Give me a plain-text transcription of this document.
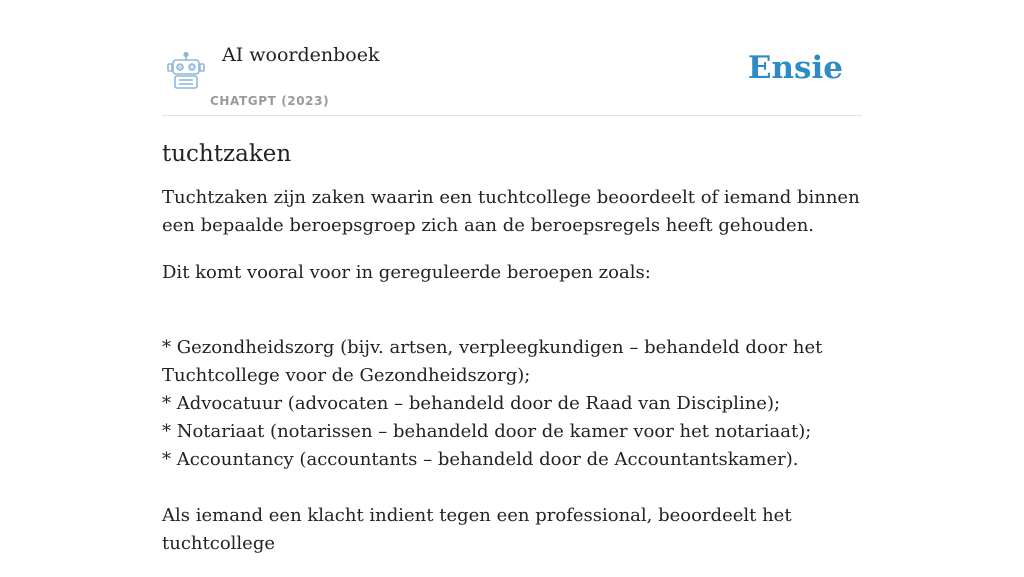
AI woordenboek
CHATGPT (2023)
Ensie
tuchtzaken

Tuchtzaken zijn zaken waarin een tuchtcollege beoordeelt of iemand binnen een bepaalde beroepsgroep zich aan de beroepsregels heeft gehouden.

Dit komt vooral voor in gereguleerde beroepen zoals:

* Gezondheidszorg (bijv. artsen, verpleegkundigen – behandeld door het Tuchtcollege voor de Gezondheidszorg);
* Advocatuur (advocaten – behandeld door de Raad van Discipline);
* Notariaat (notarissen – behandeld door de kamer voor het notariaat);
* Accountancy (accountants – behandeld door de Accountantskamer).

Als iemand een klacht indient tegen een professional, beoordeelt het tuchtcollege
